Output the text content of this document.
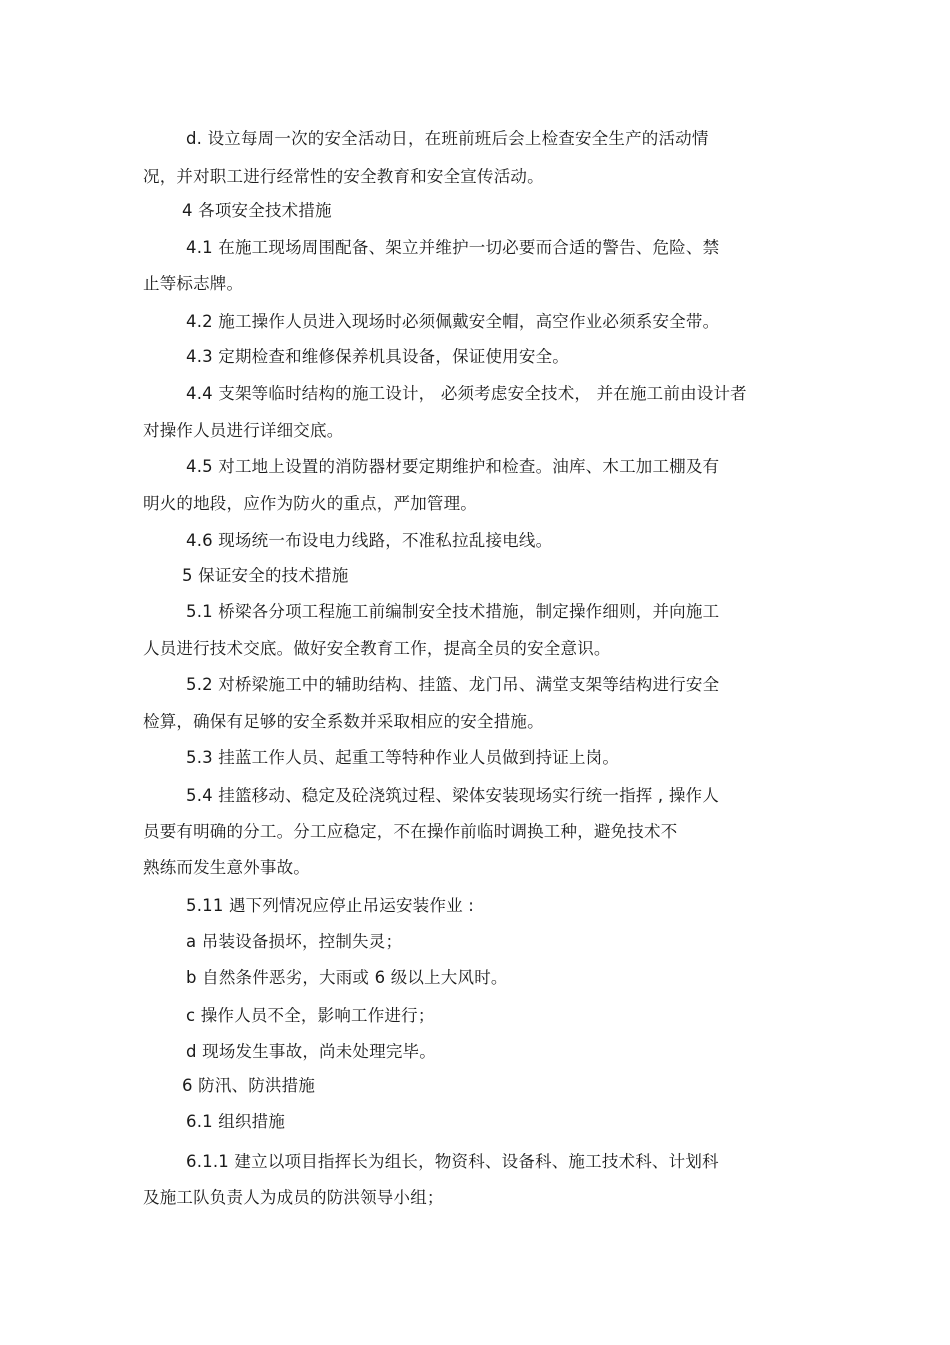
d. 设立每周一次的安全活动日，在班前班后会上检查安全生产的活动情
况，并对职工进行经常性的安全教育和安全宣传活动。
4 各项安全技术措施
4.1 在施工现场周围配备、架立并维护一切必要而合适的警告、危险、禁
止等标志牌。
4.2 施工操作人员进入现场时必须佩戴安全帽，高空作业必须系安全带。
4.3 定期检查和维修保养机具设备，保证使用安全。
4.4 支架等临时结构的施工设计， 必须考虑安全技术， 并在施工前由设计者
对操作人员进行详细交底。
4.5 对工地上设置的消防器材要定期维护和检查。油库、木工加工棚及有
明火的地段，应作为防火的重点，严加管理。
4.6 现场统一布设电力线路，不准私拉乱接电线。
5 保证安全的技术措施
5.1 桥梁各分项工程施工前编制安全技术措施，制定操作细则，并向施工
人员进行技术交底。做好安全教育工作，提高全员的安全意识。
5.2 对桥梁施工中的辅助结构、挂篮、龙门吊、满堂支架等结构进行安全
检算，确保有足够的安全系数并采取相应的安全措施。
5.3 挂蓝工作人员、起重工等特种作业人员做到持证上岗。
5.4 挂篮移动、稳定及砼浇筑过程、梁体安装现场实行统一指挥 , 操作人
员要有明确的分工。分工应稳定，不在操作前临时调换工种，避免技术不
熟练而发生意外事故。
5.11 遇下列情况应停止吊运安装作业 :
a 吊装设备损坏，控制失灵；
b 自然条件恶劣，大雨或 6 级以上大风时。
c 操作人员不全，影响工作进行；
d 现场发生事故，尚未处理完毕。
6 防汛、防洪措施
6.1 组织措施
6.1.1 建立以项目指挥长为组长，物资科、设备科、施工技术科、计划科
及施工队负责人为成员的防洪领导小组；
